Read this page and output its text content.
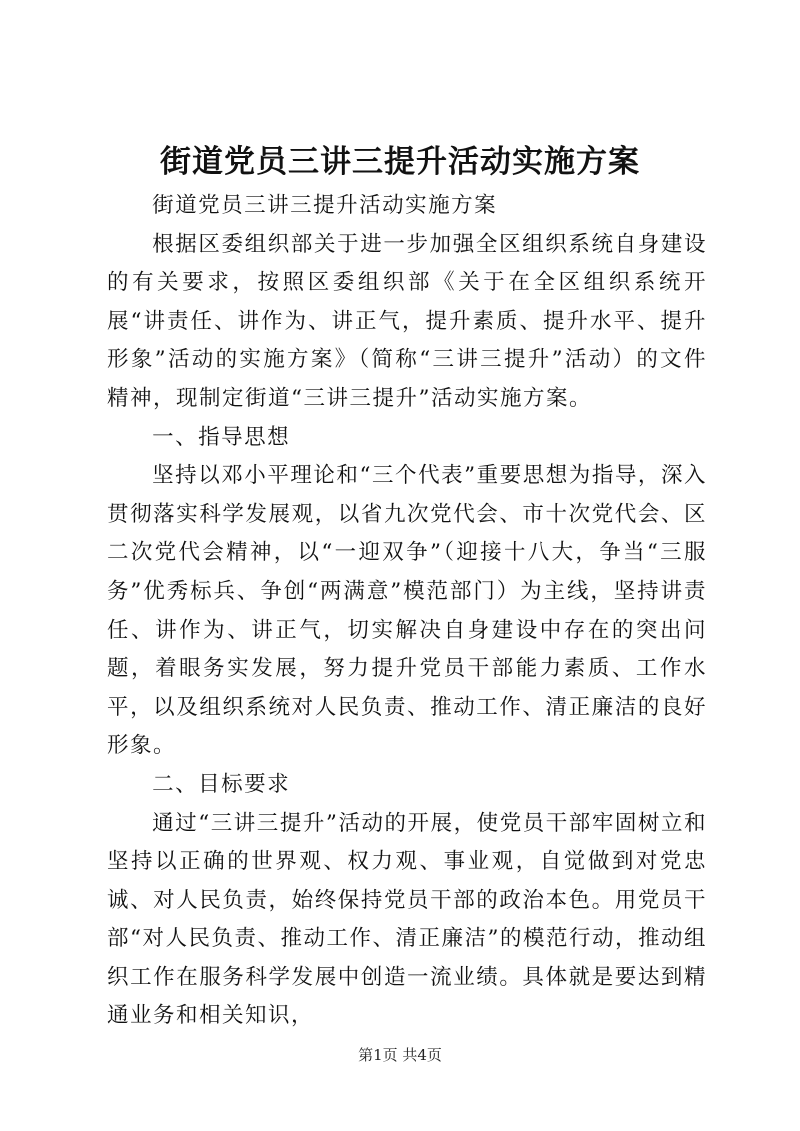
街道党员三讲三提升活动实施方案

街道党员三讲三提升活动实施方案

根据区委组织部关于进一步加强全区组织系统自身建设的有关要求，按照区委组织部《关于在全区组织系统开展“讲责任、讲作为、讲正气，提升素质、提升水平、提升形象”活动的实施方案》（简称“三讲三提升”活动）的文件精神，现制定街道“三讲三提升”活动实施方案。

一、指导思想

坚持以邓小平理论和“三个代表”重要思想为指导，深入贯彻落实科学发展观，以省九次党代会、市十次党代会、区二次党代会精神，以“一迎双争”（迎接十八大，争当“三服务”优秀标兵、争创“两满意”模范部门）为主线，坚持讲责任、讲作为、讲正气，切实解决自身建设中存在的突出问题，着眼务实发展，努力提升党员干部能力素质、工作水平，以及组织系统对人民负责、推动工作、清正廉洁的良好形象。

二、目标要求

通过“三讲三提升”活动的开展，使党员干部牢固树立和坚持以正确的世界观、权力观、事业观，自觉做到对党忠诚、对人民负责，始终保持党员干部的政治本色。用党员干部“对人民负责、推动工作、清正廉洁”的模范行动，推动组织工作在服务科学发展中创造一流业绩。具体就是要达到精通业务和相关知识，

第1页 共4页
